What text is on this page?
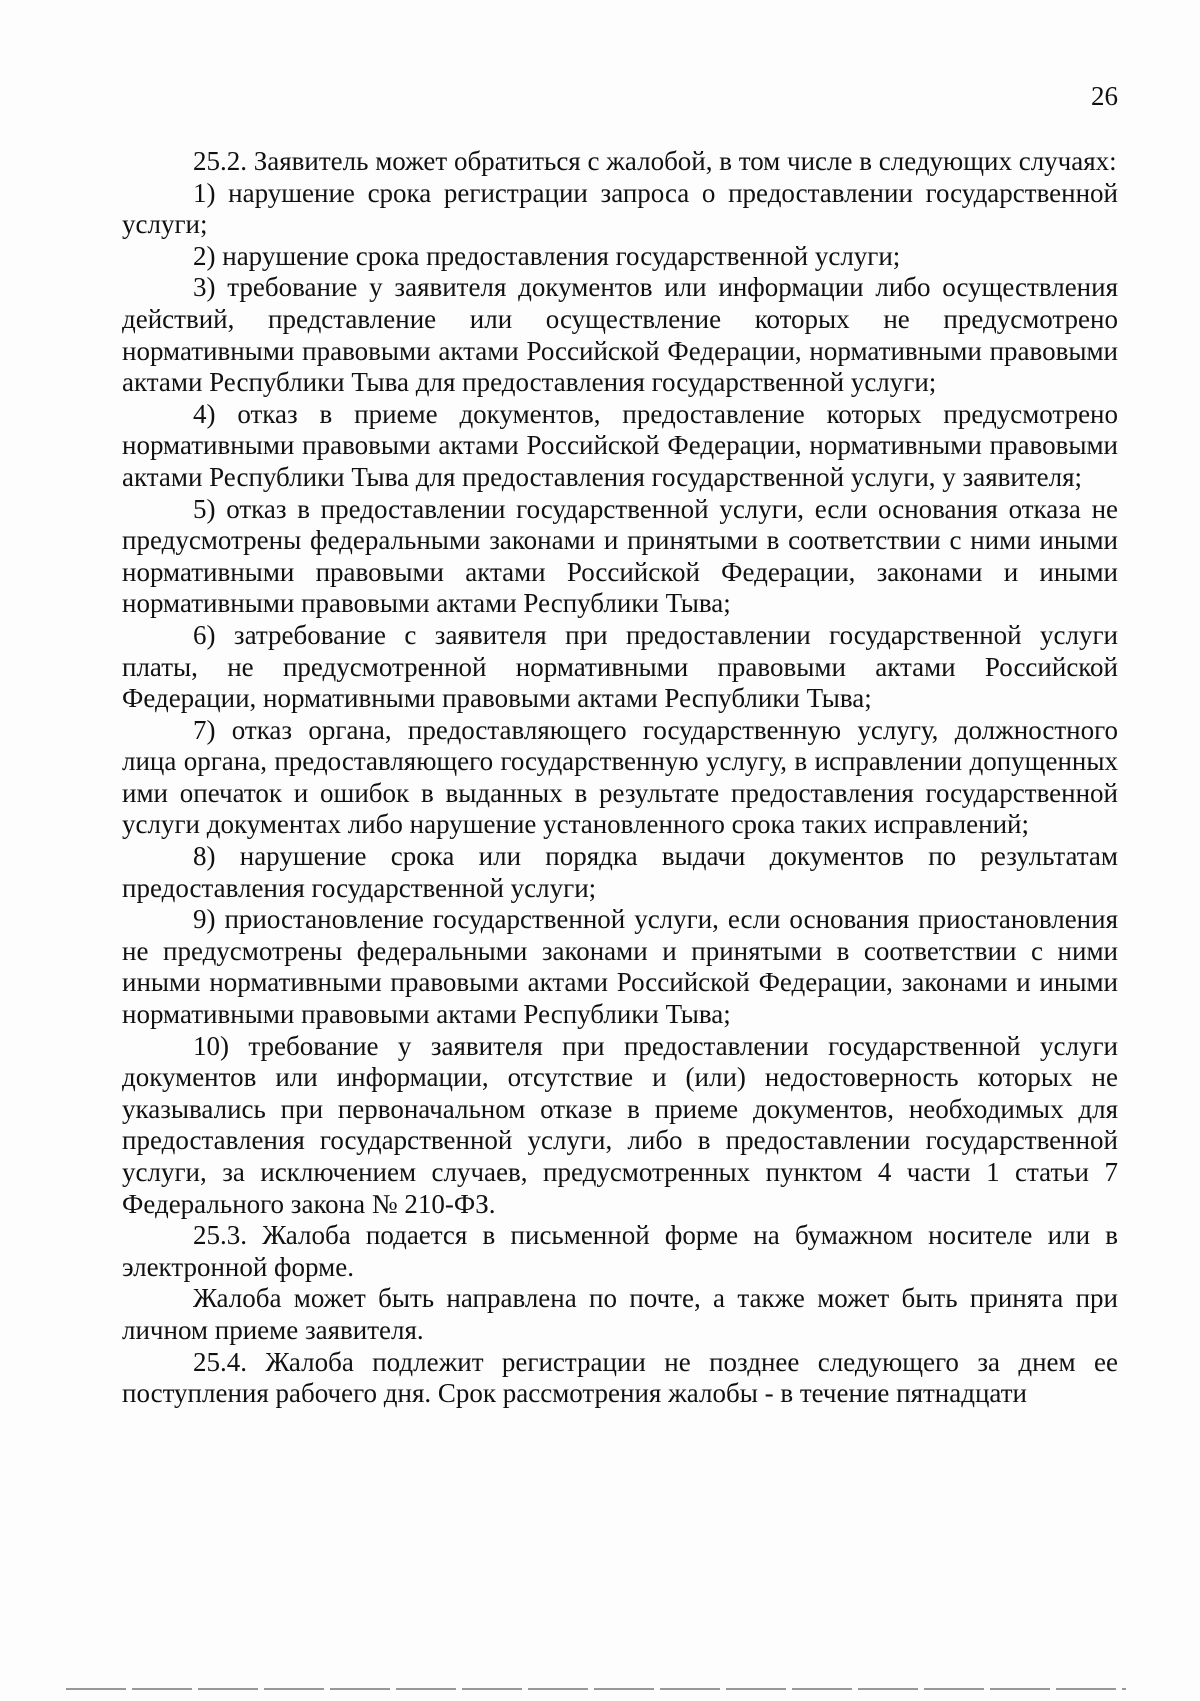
26

25.2. Заявитель может обратиться с жалобой, в том числе в следующих случаях:

1) нарушение срока регистрации запроса о предоставлении государственной услуги;

2) нарушение срока предоставления государственной услуги;

3) требование у заявителя документов или информации либо осуществления действий, представление или осуществление которых не предусмотрено нормативными правовыми актами Российской Федерации, нормативными правовыми актами Республики Тыва для предоставления государственной услуги;

4) отказ в приеме документов, предоставление которых предусмотрено нормативными правовыми актами Российской Федерации, нормативными правовыми актами Республики Тыва для предоставления государственной услуги, у заявителя;

5) отказ в предоставлении государственной услуги, если основания отказа не предусмотрены федеральными законами и принятыми в соответствии с ними иными нормативными правовыми актами Российской Федерации, законами и иными нормативными правовыми актами Республики Тыва;

6) затребование с заявителя при предоставлении государственной услуги платы, не предусмотренной нормативными правовыми актами Российской Федерации, нормативными правовыми актами Республики Тыва;

7) отказ органа, предоставляющего государственную услугу, должностного лица органа, предоставляющего государственную услугу, в исправлении допущенных ими опечаток и ошибок в выданных в результате предоставления государственной услуги документах либо нарушение установленного срока таких исправлений;

8) нарушение срока или порядка выдачи документов по результатам предоставления государственной услуги;

9) приостановление государственной услуги, если основания приостановления не предусмотрены федеральными законами и принятыми в соответствии с ними иными нормативными правовыми актами Российской Федерации, законами и иными нормативными правовыми актами Республики Тыва;

10) требование у заявителя при предоставлении государственной услуги документов или информации, отсутствие и (или) недостоверность которых не указывались при первоначальном отказе в приеме документов, необходимых для предоставления государственной услуги, либо в предоставлении государственной услуги, за исключением случаев, предусмотренных пунктом 4 части 1 статьи 7 Федерального закона № 210-ФЗ.

25.3. Жалоба подается в письменной форме на бумажном носителе или в электронной форме.

Жалоба может быть направлена по почте, а также может быть принята при личном приеме заявителя.

25.4. Жалоба подлежит регистрации не позднее следующего за днем ее поступления рабочего дня. Срок рассмотрения жалобы - в течение пятнадцати
